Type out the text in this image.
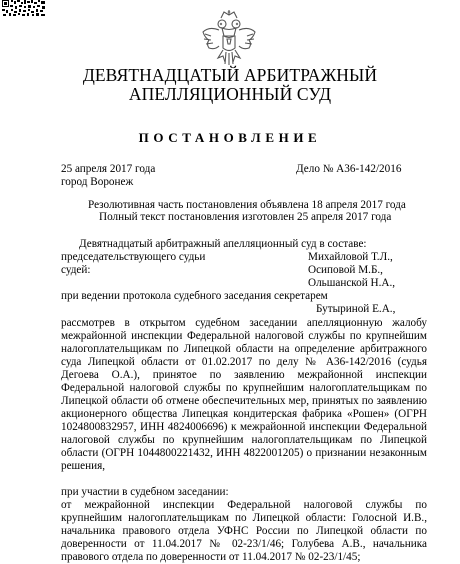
ДЕВЯТНАДЦАТЫЙ АРБИТРАЖНЫЙ
АПЕЛЛЯЦИОННЫЙ СУД
ПОСТАНОВЛЕНИЕ
25 апреля 2017 года	Дело № А36-142/2016
город Воронеж
Резолютивная часть постановления объявлена 18 апреля 2017 года
Полный текст постановления изготовлен 25 апреля 2017 года
Девятнадцатый арбитражный апелляционный суд в составе:
председательствующего судьи	Михайловой Т.Л.,
судей:	Осиповой М.Б.,
Ольшанской Н.А.,
при ведении протокола судебного заседания секретарем
Бутыриной Е.А.,
рассмотрев в открытом судебном заседании апелляционную жалобу
межрайонной инспекции Федеральной налоговой службы по крупнейшим
налогоплательщикам по Липецкой области на определение арбитражного
суда Липецкой области от 01.02.2017 по делу № А36-142/2016 (судья
Дегоева О.А.), принятое по заявлению межрайонной инспекции
Федеральной налоговой службы по крупнейшим налогоплательщикам по
Липецкой области об отмене обеспечительных мер, принятых по заявлению
акционерного общества Липецкая кондитерская фабрика «Рошен» (ОГРН
1024800832957, ИНН 4824006696) к межрайонной инспекции Федеральной
налоговой службы по крупнейшим налогоплательщикам по Липецкой
области (ОГРН 1044800221432, ИНН 4822001205) о признании незаконным
решения,
при участии в судебном заседании:
от межрайонной инспекции Федеральной налоговой службы по
крупнейшим налогоплательщикам по Липецкой области: Голосной И.В.,
начальника правового отдела УФНС России по Липецкой области по
доверенности от 11.04.2017 № 02-23/1/46; Голубева А.В., начальника
правового отдела по доверенности от 11.04.2017 № 02-23/1/45;
